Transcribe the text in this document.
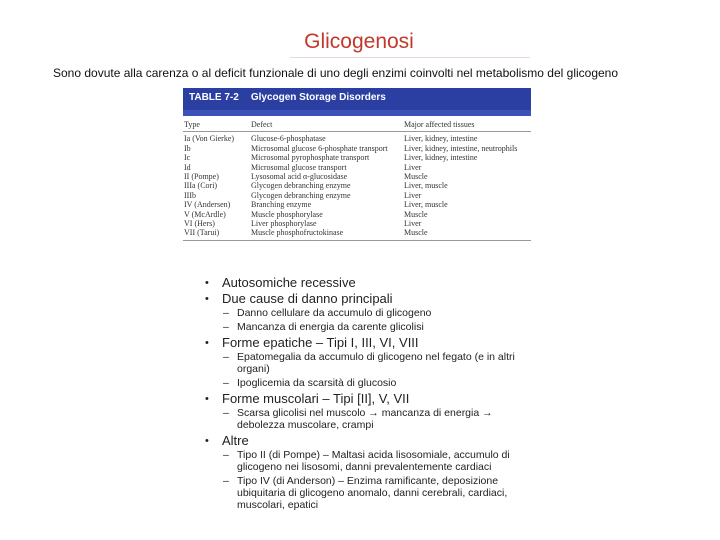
Glicogenosi
Sono dovute alla carenza o al deficit funzionale di uno degli enzimi coinvolti nel metabolismo del glicogeno
TABLE 7-2 Glycogen Storage Disorders
Type	Defect	Major affected tissues
Ia (Von Gierke)	Glucose-6-phosphatase	Liver, kidney, intestine
Ib	Microsomal glucose 6-phosphate transport	Liver, kidney, intestine, neutrophils
Ic	Microsomal pyrophosphate transport	Liver, kidney, intestine
Id	Microsomal glucose transport	Liver
II (Pompe)	Lysosomal acid α-glucosidase	Muscle
IIIa (Cori)	Glycogen debranching enzyme	Liver, muscle
IIIb	Glycogen debranching enzyme	Liver
IV (Andersen)	Branching enzyme	Liver, muscle
V (McArdle)	Muscle phosphorylase	Muscle
VI (Hers)	Liver phosphorylase	Liver
VII (Tarui)	Muscle phosphofructokinase	Muscle
• Autosomiche recessive
• Due cause di danno principali
– Danno cellulare da accumulo di glicogeno
– Mancanza di energia da carente glicolisi
• Forme epatiche – Tipi I, III, VI, VIII
– Epatomegalia da accumulo di glicogeno nel fegato (e in altri organi)
– Ipoglicemia da scarsità di glucosio
• Forme muscolari – Tipi [II], V, VII
– Scarsa glicolisi nel muscolo → mancanza di energia → debolezza muscolare, crampi
• Altre
– Tipo II (di Pompe) – Maltasi acida lisosomiale, accumulo di glicogeno nei lisosomi, danni prevalentemente cardiaci
– Tipo IV (di Anderson) – Enzima ramificante, deposizione ubiquitaria di glicogeno anomalo, danni cerebrali, cardiaci, muscolari, epatici
